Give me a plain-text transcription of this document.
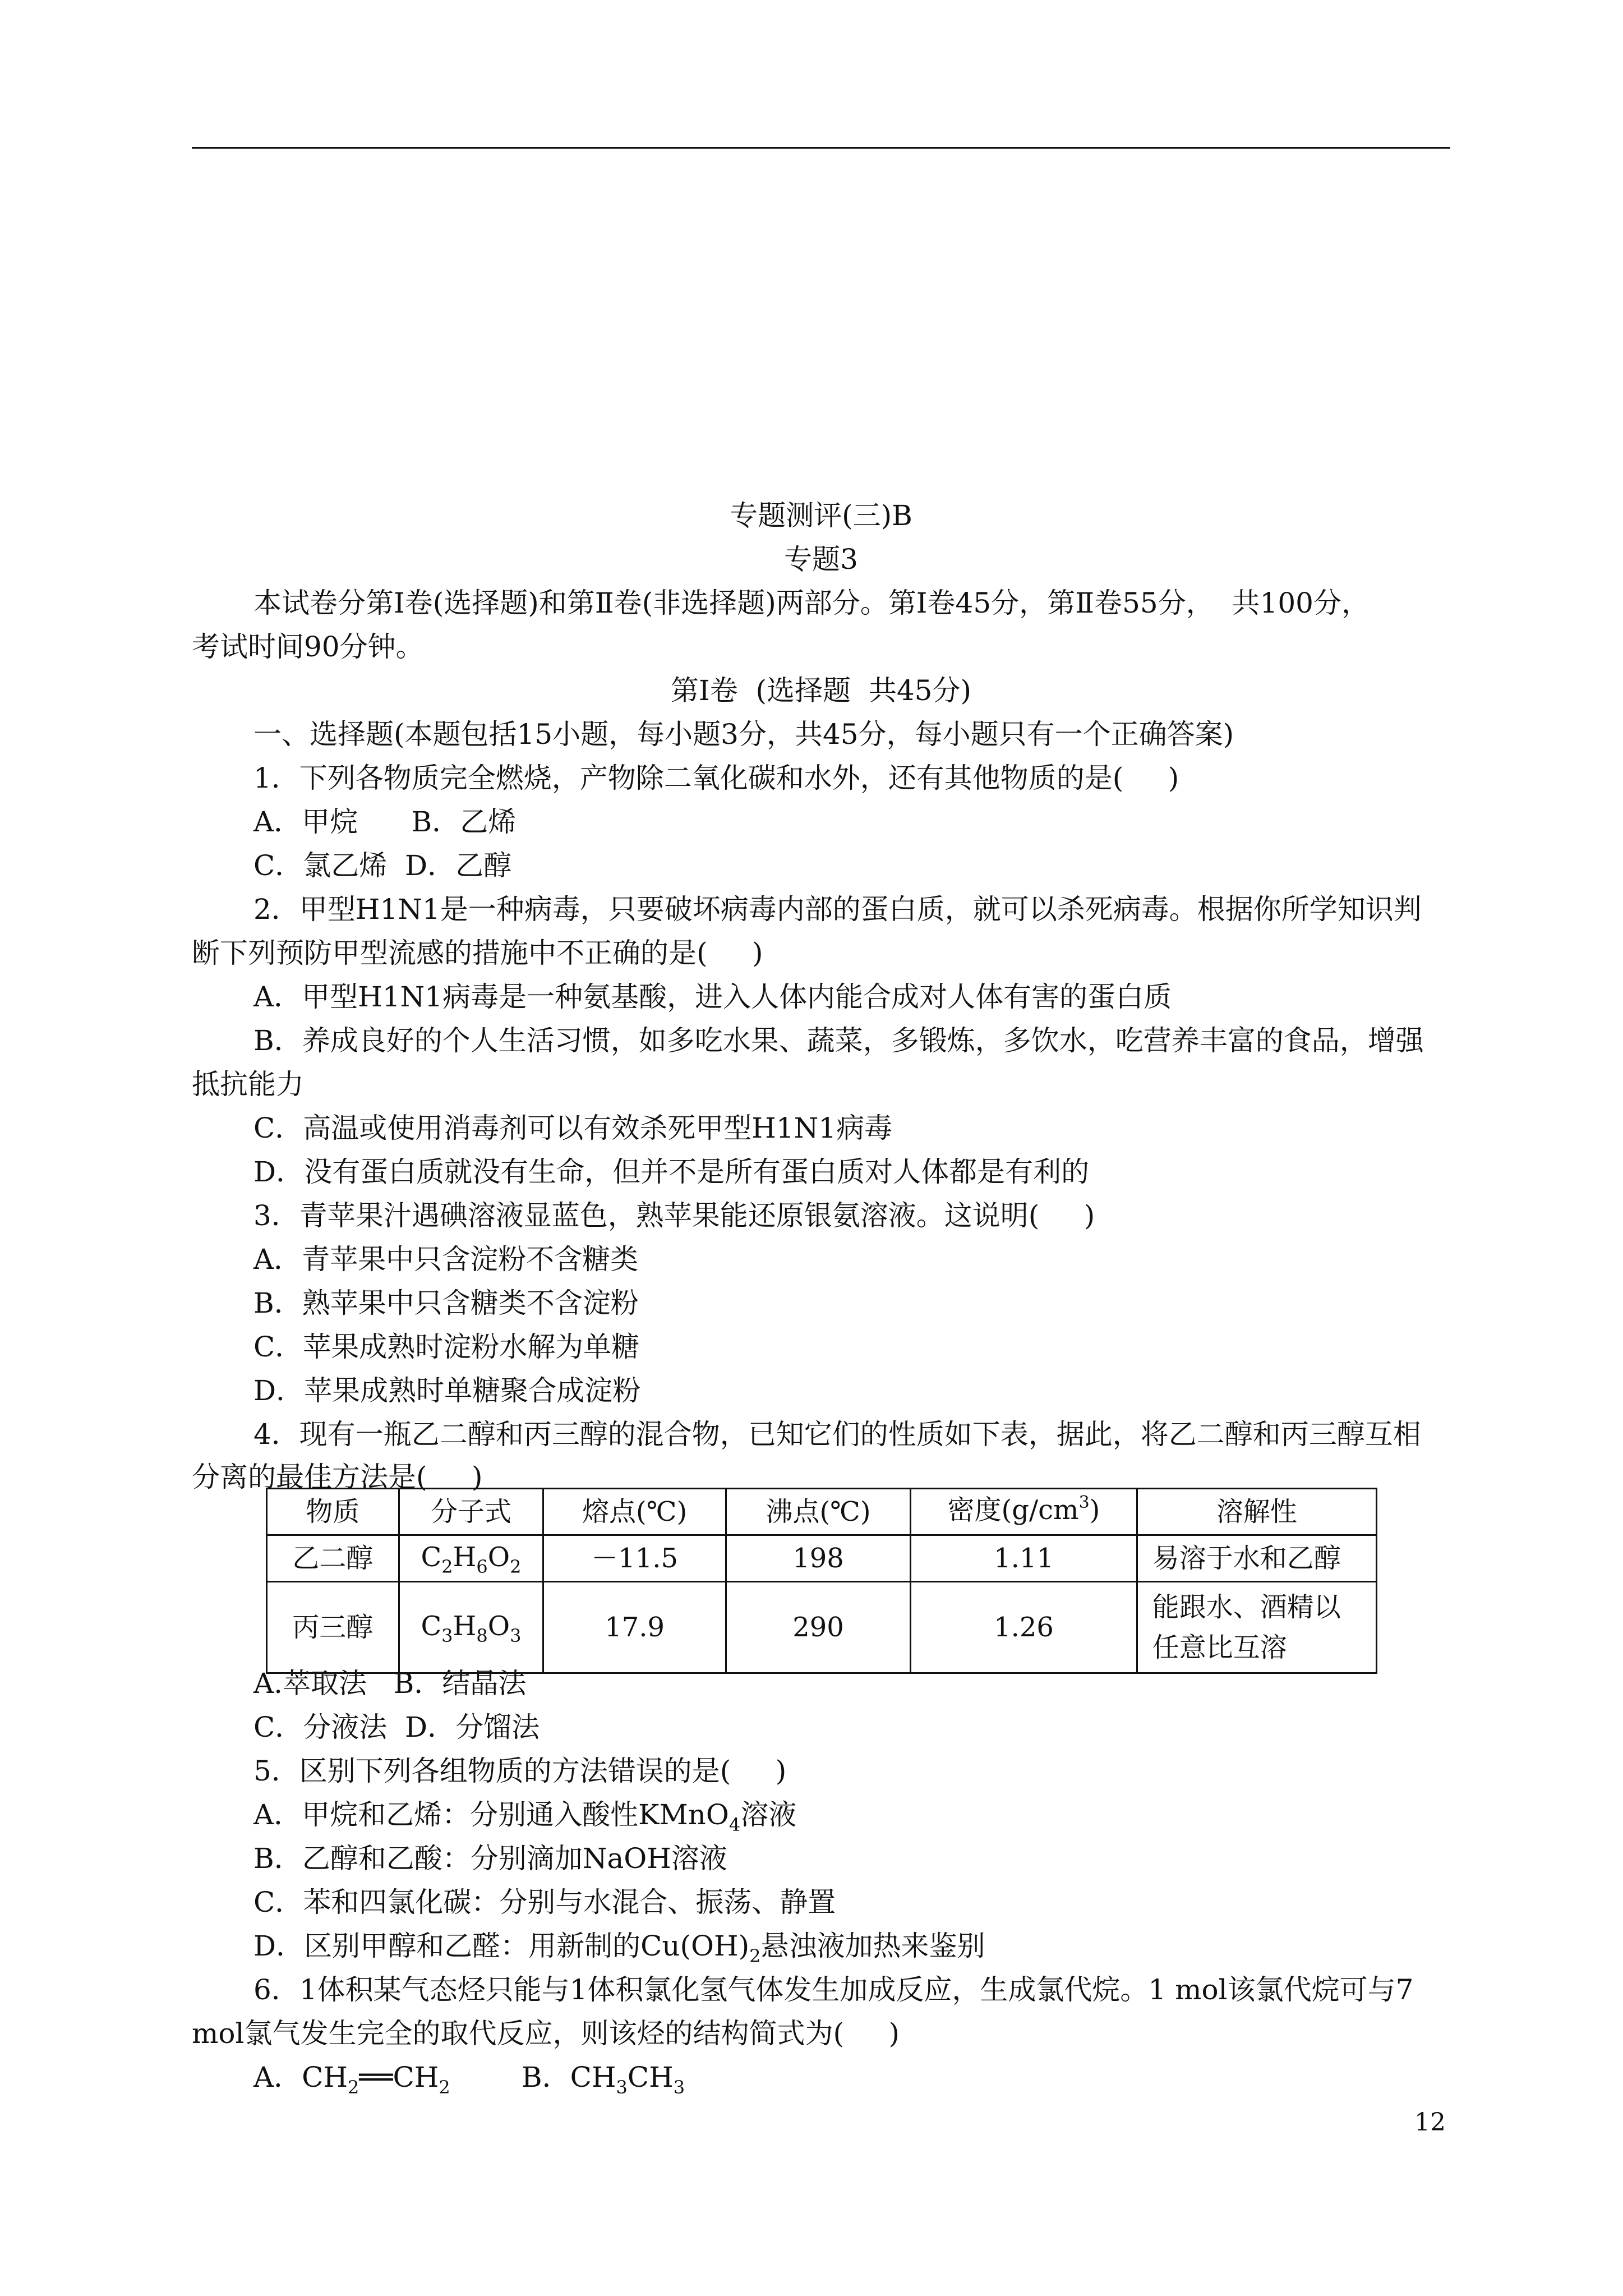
专题测评(三)B
专题3
本试卷分第Ⅰ卷(选择题)和第Ⅱ卷(非选择题)两部分。第Ⅰ卷45分，第Ⅱ卷55分，  共100分，
考试时间90分钟。
第Ⅰ卷  (选择题  共45分)
一、选择题(本题包括15小题，每小题3分，共45分，每小题只有一个正确答案)
1．下列各物质完全燃烧，产物除二氧化碳和水外，还有其他物质的是(     )
A．甲烷      B．乙烯
C．氯乙烯  D．乙醇
2．甲型H1N1是一种病毒，只要破坏病毒内部的蛋白质，就可以杀死病毒。根据你所学知识判
断下列预防甲型流感的措施中不正确的是(     )
A．甲型H1N1病毒是一种氨基酸，进入人体内能合成对人体有害的蛋白质
B．养成良好的个人生活习惯，如多吃水果、蔬菜，多锻炼，多饮水，吃营养丰富的食品，增强
抵抗能力
C．高温或使用消毒剂可以有效杀死甲型H1N1病毒
D．没有蛋白质就没有生命，但并不是所有蛋白质对人体都是有利的
3．青苹果汁遇碘溶液显蓝色，熟苹果能还原银氨溶液。这说明(     )
A．青苹果中只含淀粉不含糖类
B．熟苹果中只含糖类不含淀粉
C．苹果成熟时淀粉水解为单糖
D．苹果成熟时单糖聚合成淀粉
4．现有一瓶乙二醇和丙三醇的混合物，已知它们的性质如下表，据此，将乙二醇和丙三醇互相
分离的最佳方法是(     )
物质	分子式	熔点(℃)	沸点(℃)	密度$(g/cm^3)$	溶解性
乙二醇	$C_2H_6O_2$	－11.5	198	1.11	易溶于水和乙醇
丙三醇	$C_3H_8O_3$	17.9	290	1.26	能跟水、酒精以
任意比互溶
A.萃取法   B．结晶法
C．分液法  D．分馏法
5．区别下列各组物质的方法错误的是(     )
A．甲烷和乙烯：分别通入酸性KMnO$_4$溶液
B．乙醇和乙酸：分别滴加NaOH溶液
C．苯和四氯化碳：分别与水混合、振荡、静置
D．区别甲醇和乙醛：用新制的$Cu(OH)_2$悬浊液加热来鉴别
6．1体积某气态烃只能与1体积氯化氢气体发生加成反应，生成氯代烷。1 mol该氯代烷可与7
mol氯气发生完全的取代反应，则该烃的结构简式为(     )
A．$CH_2══CH_2$	B．$CH_3CH_3$
12
